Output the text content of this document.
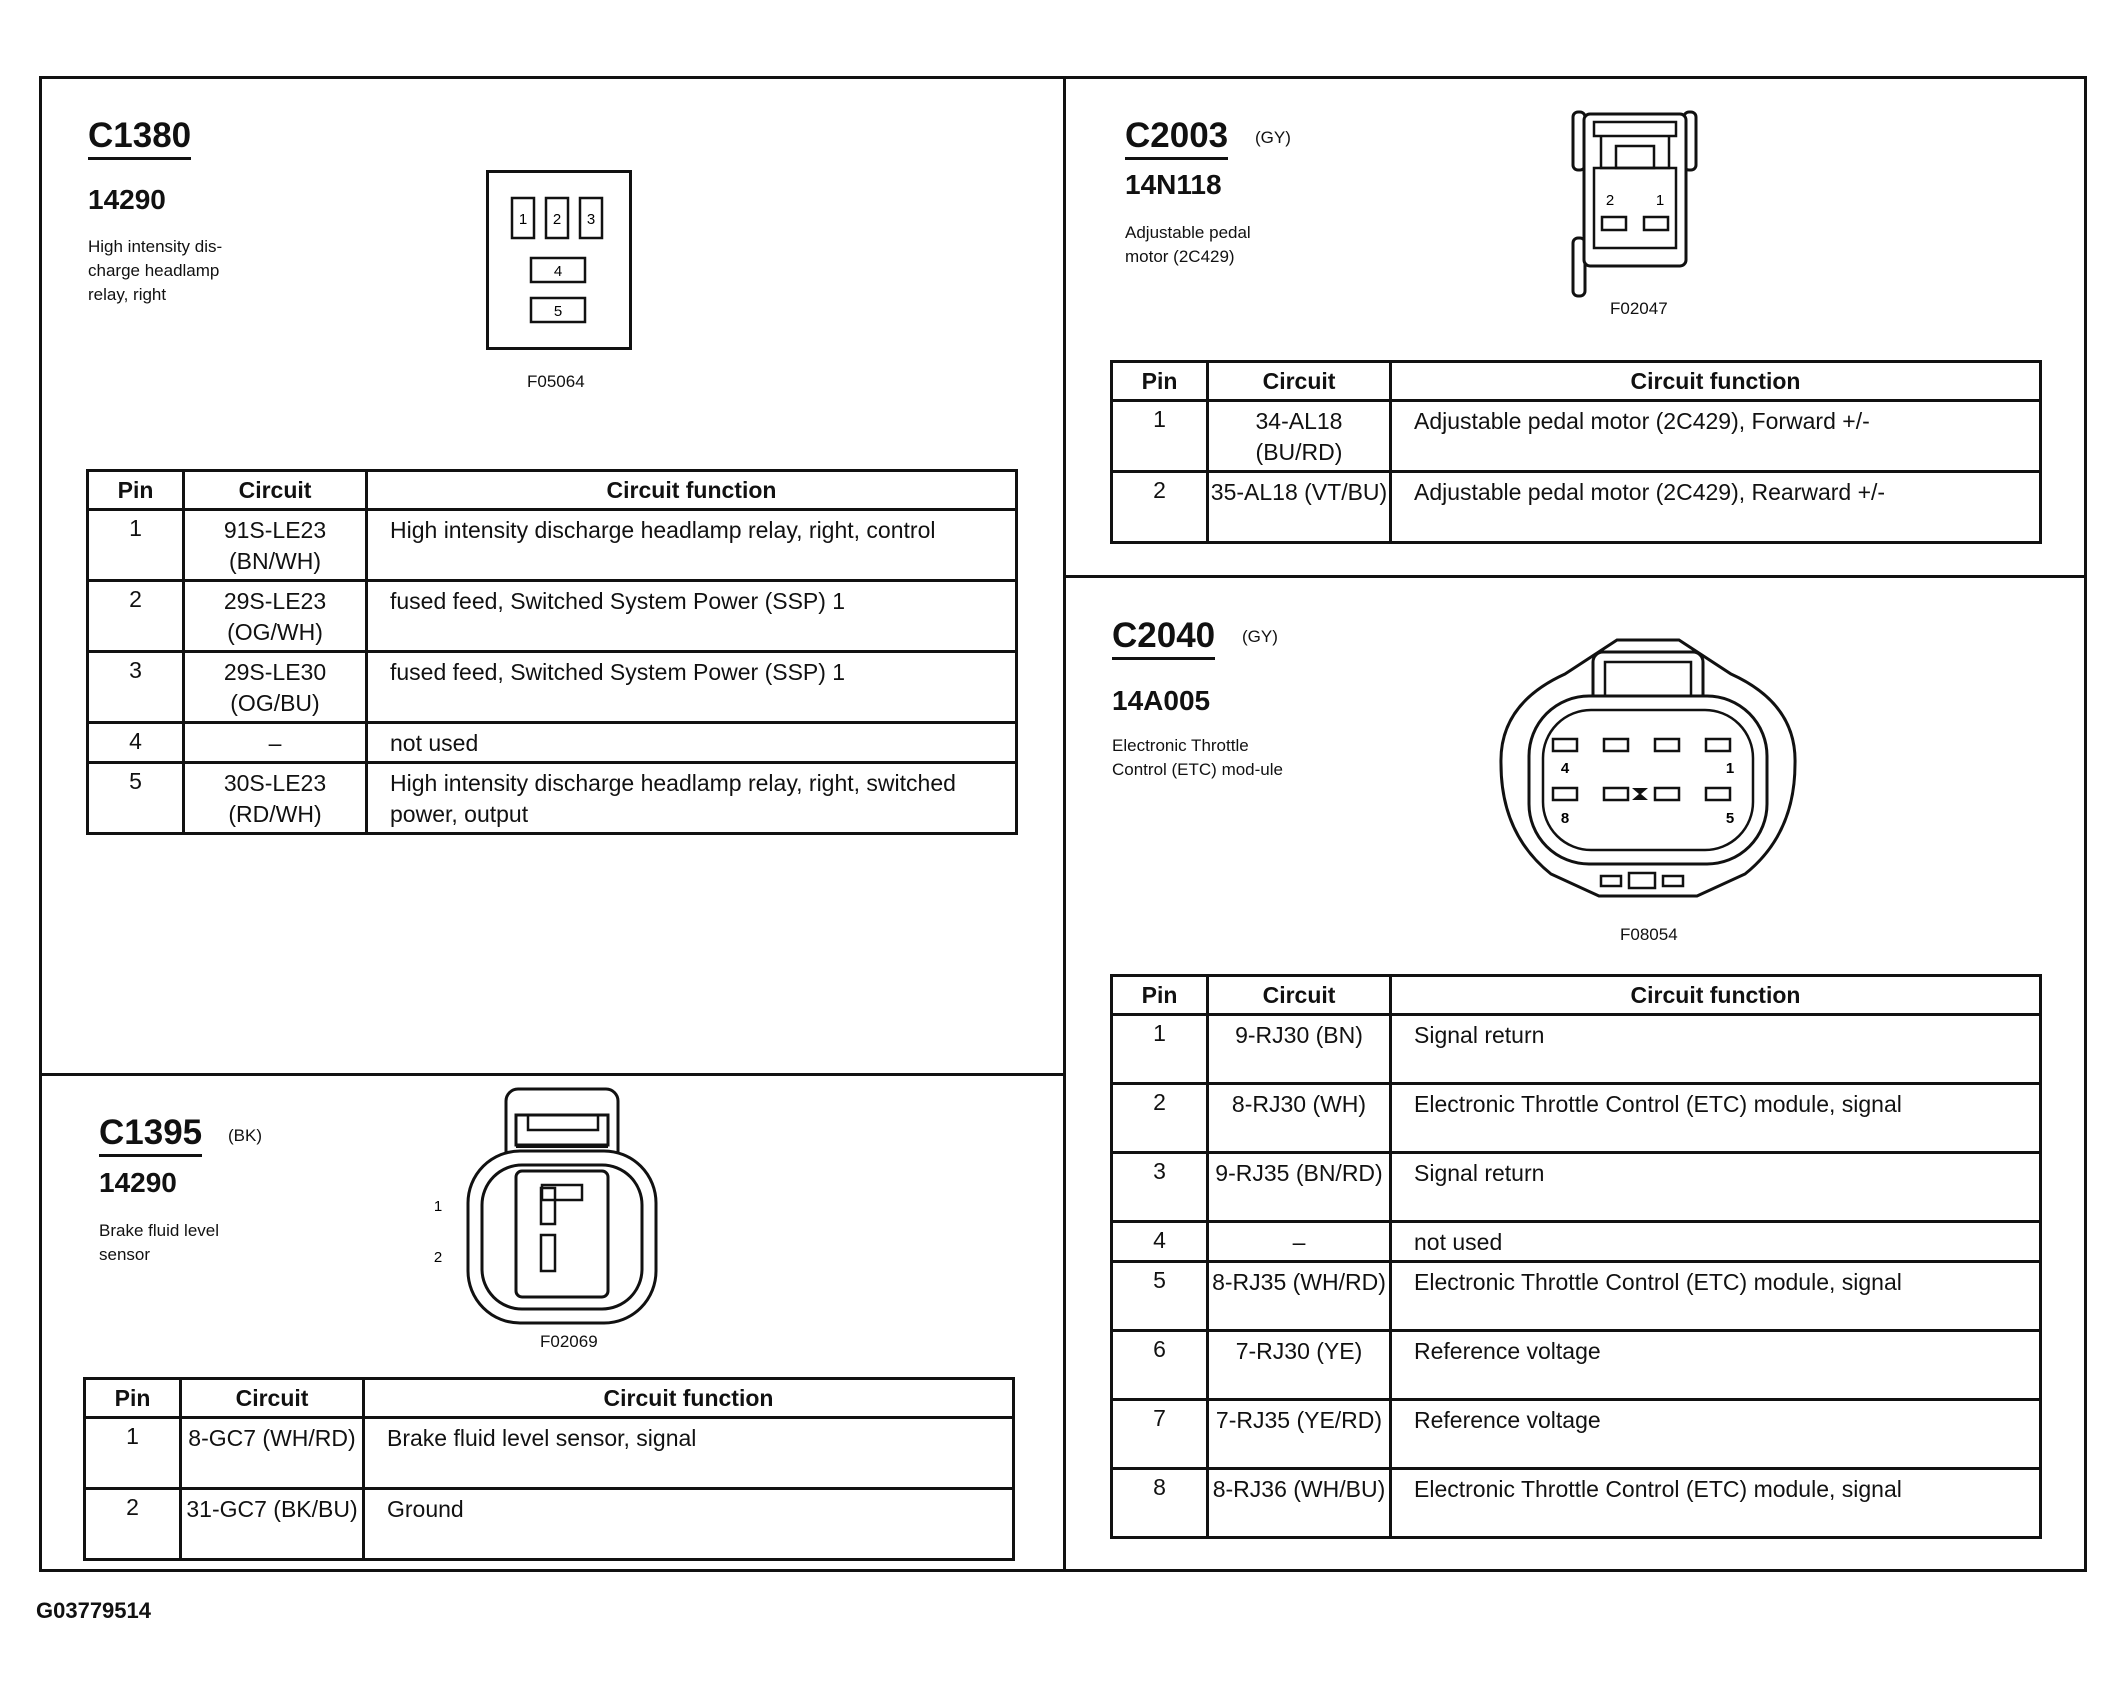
C1380
14290
High intensity dis-charge headlamp relay, right
1 2 3
4
5
F05064
Pin	Circuit	Circuit function
1	91S-LE23 (BN/WH)	High intensity discharge headlamp relay, right, control
2	29S-LE23 (OG/WH)	fused feed, Switched System Power (SSP) 1
3	29S-LE30 (OG/BU)	fused feed, Switched System Power (SSP) 1
4	–	not used
5	30S-LE23 (RD/WH)	High intensity discharge headlamp relay, right, switched power, output
C1395 (BK)
14290
Brake fluid level sensor
1
2
F02069
Pin	Circuit	Circuit function
1	8-GC7 (WH/RD)	Brake fluid level sensor, signal
2	31-GC7 (BK/BU)	Ground
C2003 (GY)
14N118
Adjustable pedal motor (2C429)
2	1
F02047
Pin	Circuit	Circuit function
1	34-AL18 (BU/RD)	Adjustable pedal motor (2C429), Forward +/-
2	35-AL18 (VT/BU)	Adjustable pedal motor (2C429), Rearward +/-
C2040 (GY)
14A005
Electronic Throttle Control (ETC) mod-ule	4	1
8	5
F08054
Pin	Circuit	Circuit function
1	9-RJ30 (BN)	Signal return
2	8-RJ30 (WH)	Electronic Throttle Control (ETC) module, signal
3	9-RJ35 (BN/RD)	Signal return
4	–	not used
5	8-RJ35 (WH/RD)	Electronic Throttle Control (ETC) module, signal
6	7-RJ30 (YE)	Reference voltage
7	7-RJ35 (YE/RD)	Reference voltage
8	8-RJ36 (WH/BU)	Electronic Throttle Control (ETC) module, signal
G03779514
